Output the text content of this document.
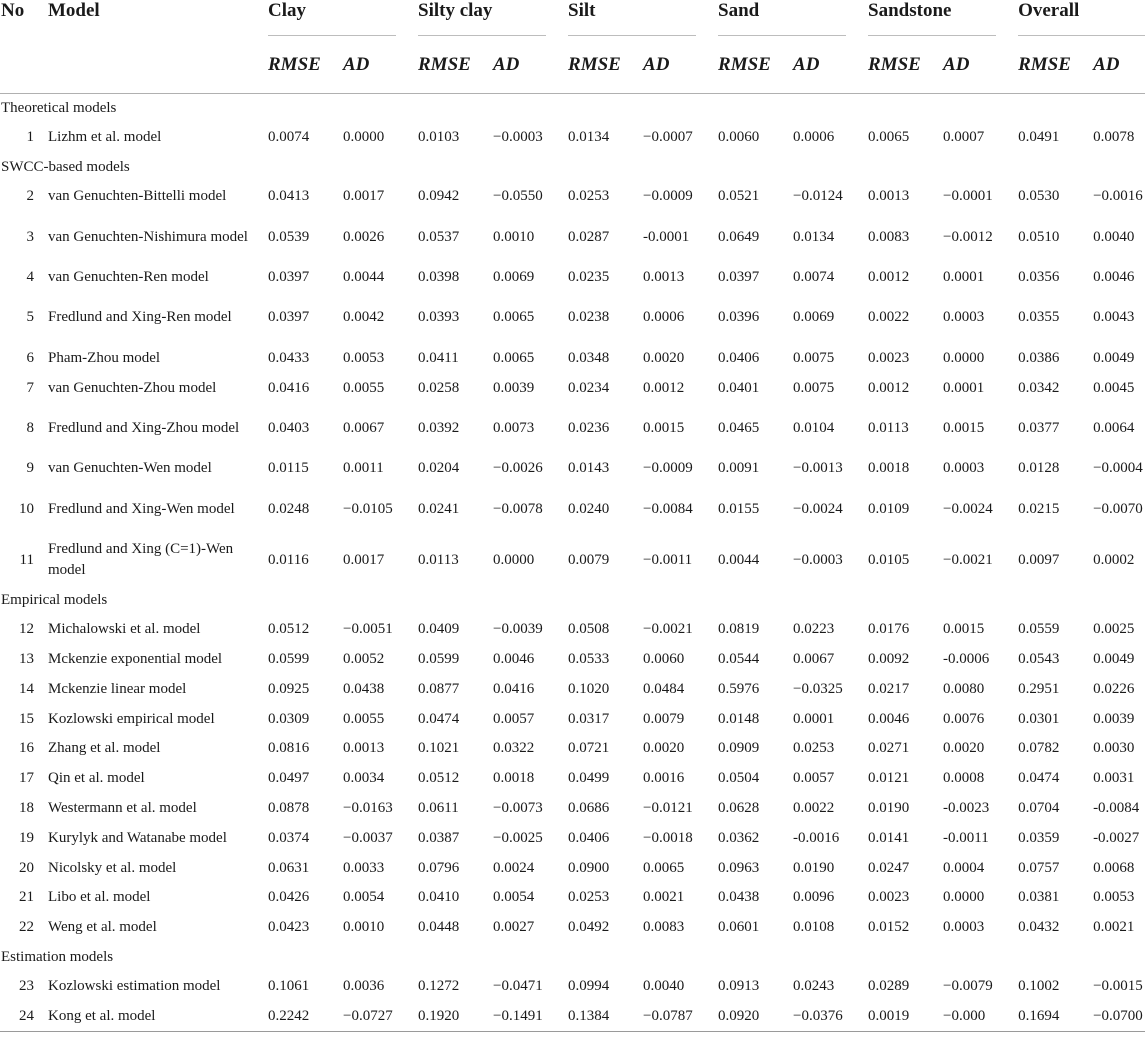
No	Model	Clay		Silty clay		Silt		Sand		Sandstone		Overall	

		RMSE	AD	RMSE	AD	RMSE	AD	RMSE	AD	RMSE	AD	RMSE	AD
Theoretical models													
1	Lizhm et al. model	0.0074	0.0000	0.0103	−0.0003	0.0134	−0.0007	0.0060	0.0006	0.0065	0.0007	0.0491	0.0078
SWCC-based models													
2	van Genuchten-Bittelli model	0.0413	0.0017	0.0942	−0.0550	0.0253	−0.0009	0.0521	−0.0124	0.0013	−0.0001	0.0530	−0.0016
3	van Genuchten-Nishimura model	0.0539	0.0026	0.0537	0.0010	0.0287	-0.0001	0.0649	0.0134	0.0083	−0.0012	0.0510	0.0040
4	van Genuchten-Ren model	0.0397	0.0044	0.0398	0.0069	0.0235	0.0013	0.0397	0.0074	0.0012	0.0001	0.0356	0.0046
5	Fredlund and Xing-Ren model	0.0397	0.0042	0.0393	0.0065	0.0238	0.0006	0.0396	0.0069	0.0022	0.0003	0.0355	0.0043
6	Pham-Zhou model	0.0433	0.0053	0.0411	0.0065	0.0348	0.0020	0.0406	0.0075	0.0023	0.0000	0.0386	0.0049
7	van Genuchten-Zhou model	0.0416	0.0055	0.0258	0.0039	0.0234	0.0012	0.0401	0.0075	0.0012	0.0001	0.0342	0.0045
8	Fredlund and Xing-Zhou model	0.0403	0.0067	0.0392	0.0073	0.0236	0.0015	0.0465	0.0104	0.0113	0.0015	0.0377	0.0064
9	van Genuchten-Wen model	0.0115	0.0011	0.0204	−0.0026	0.0143	−0.0009	0.0091	−0.0013	0.0018	0.0003	0.0128	−0.0004
10	Fredlund and Xing-Wen model	0.0248	−0.0105	0.0241	−0.0078	0.0240	−0.0084	0.0155	−0.0024	0.0109	−0.0024	0.0215	−0.0070
11	Fredlund and Xing (C=1)-Wen model	0.0116	0.0017	0.0113	0.0000	0.0079	−0.0011	0.0044	−0.0003	0.0105	−0.0021	0.0097	0.0002
Empirical models													
12	Michalowski et al. model	0.0512	−0.0051	0.0409	−0.0039	0.0508	−0.0021	0.0819	0.0223	0.0176	0.0015	0.0559	0.0025
13	Mckenzie exponential model	0.0599	0.0052	0.0599	0.0046	0.0533	0.0060	0.0544	0.0067	0.0092	-0.0006	0.0543	0.0049
14	Mckenzie linear model	0.0925	0.0438	0.0877	0.0416	0.1020	0.0484	0.5976	−0.0325	0.0217	0.0080	0.2951	0.0226
15	Kozlowski empirical model	0.0309	0.0055	0.0474	0.0057	0.0317	0.0079	0.0148	0.0001	0.0046	0.0076	0.0301	0.0039
16	Zhang et al. model	0.0816	0.0013	0.1021	0.0322	0.0721	0.0020	0.0909	0.0253	0.0271	0.0020	0.0782	0.0030
17	Qin et al. model	0.0497	0.0034	0.0512	0.0018	0.0499	0.0016	0.0504	0.0057	0.0121	0.0008	0.0474	0.0031
18	Westermann et al. model	0.0878	−0.0163	0.0611	−0.0073	0.0686	−0.0121	0.0628	0.0022	0.0190	-0.0023	0.0704	-0.0084
19	Kurylyk and Watanabe model	0.0374	−0.0037	0.0387	−0.0025	0.0406	−0.0018	0.0362	-0.0016	0.0141	-0.0011	0.0359	-0.0027
20	Nicolsky et al. model	0.0631	0.0033	0.0796	0.0024	0.0900	0.0065	0.0963	0.0190	0.0247	0.0004	0.0757	0.0068
21	Libo et al. model	0.0426	0.0054	0.0410	0.0054	0.0253	0.0021	0.0438	0.0096	0.0023	0.0000	0.0381	0.0053
22	Weng et al. model	0.0423	0.0010	0.0448	0.0027	0.0492	0.0083	0.0601	0.0108	0.0152	0.0003	0.0432	0.0021
Estimation models													
23	Kozlowski estimation model	0.1061	0.0036	0.1272	−0.0471	0.0994	0.0040	0.0913	0.0243	0.0289	−0.0079	0.1002	−0.0015
24	Kong et al. model	0.2242	−0.0727	0.1920	−0.1491	0.1384	−0.0787	0.0920	−0.0376	0.0019	−0.000	0.1694	−0.0700
